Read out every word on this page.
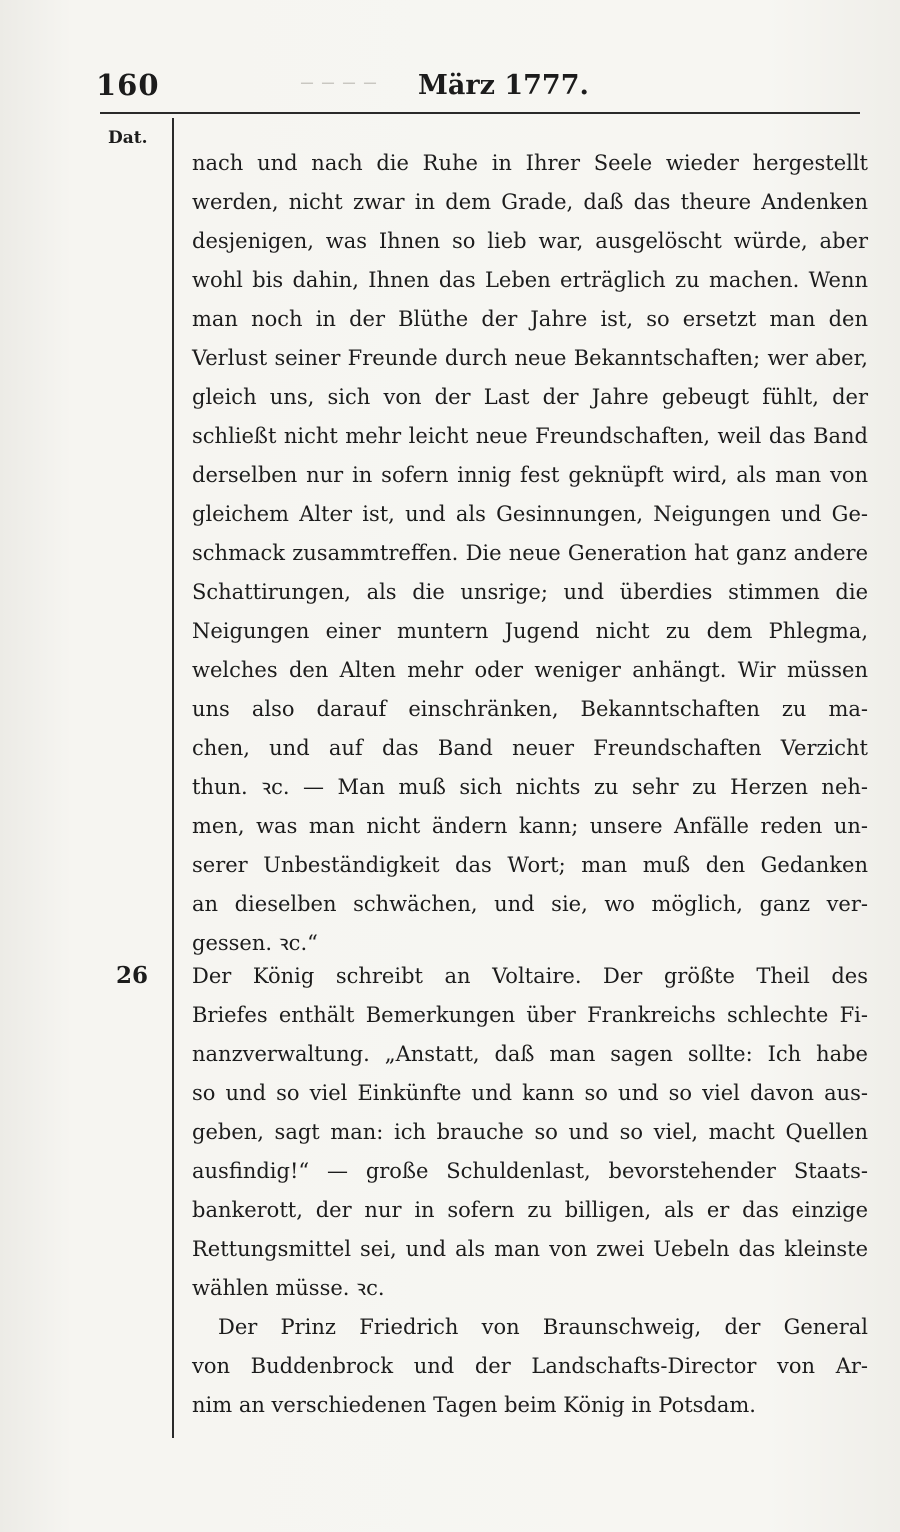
‒ ‒ ‒ ‒
160	März 1777.
Dat.
nach und nach die Ruhe in Ihrer Seele wieder hergestellt
werden, nicht zwar in dem Grade, daß das theure Andenken
desjenigen, was Ihnen so lieb war, ausgelöscht würde, aber
wohl bis dahin, Ihnen das Leben erträglich zu machen. Wenn
man noch in der Blüthe der Jahre ist, so ersetzt man den
Verlust seiner Freunde durch neue Bekanntschaften; wer aber,
gleich uns, sich von der Last der Jahre gebeugt fühlt, der
schließt nicht mehr leicht neue Freundschaften, weil das Band
derselben nur in sofern innig fest geknüpft wird, als man von
gleichem Alter ist, und als Gesinnungen, Neigungen und Ge-
schmack zusammtreffen. Die neue Generation hat ganz andere
Schattirungen, als die unsrige; und überdies stimmen die
Neigungen einer muntern Jugend nicht zu dem Phlegma,
welches den Alten mehr oder weniger anhängt. Wir müssen
uns also darauf einschränken, Bekanntschaften zu ma-
chen, und auf das Band neuer Freundschaften Verzicht
thun. ꝛc. — Man muß sich nichts zu sehr zu Herzen neh-
men, was man nicht ändern kann; unsere Anfälle reden un-
serer Unbeständigkeit das Wort; man muß den Gedanken
an dieselben schwächen, und sie, wo möglich, ganz ver-
gessen. ꝛc.“
26 Der König schreibt an Voltaire. Der größte Theil des
Briefes enthält Bemerkungen über Frankreichs schlechte Fi-
nanzverwaltung. „Anstatt, daß man sagen sollte: Ich habe
so und so viel Einkünfte und kann so und so viel davon aus-
geben, sagt man: ich brauche so und so viel, macht Quellen
ausfindig!“ — große Schuldenlast, bevorstehender Staats-
bankerott, der nur in sofern zu billigen, als er das einzige
Rettungsmittel sei, und als man von zwei Uebeln das kleinste
wählen müsse. ꝛc.
Der Prinz Friedrich von Braunschweig, der General
von Buddenbrock und der Landschafts-Director von Ar-
nim an verschiedenen Tagen beim König in Potsdam.
